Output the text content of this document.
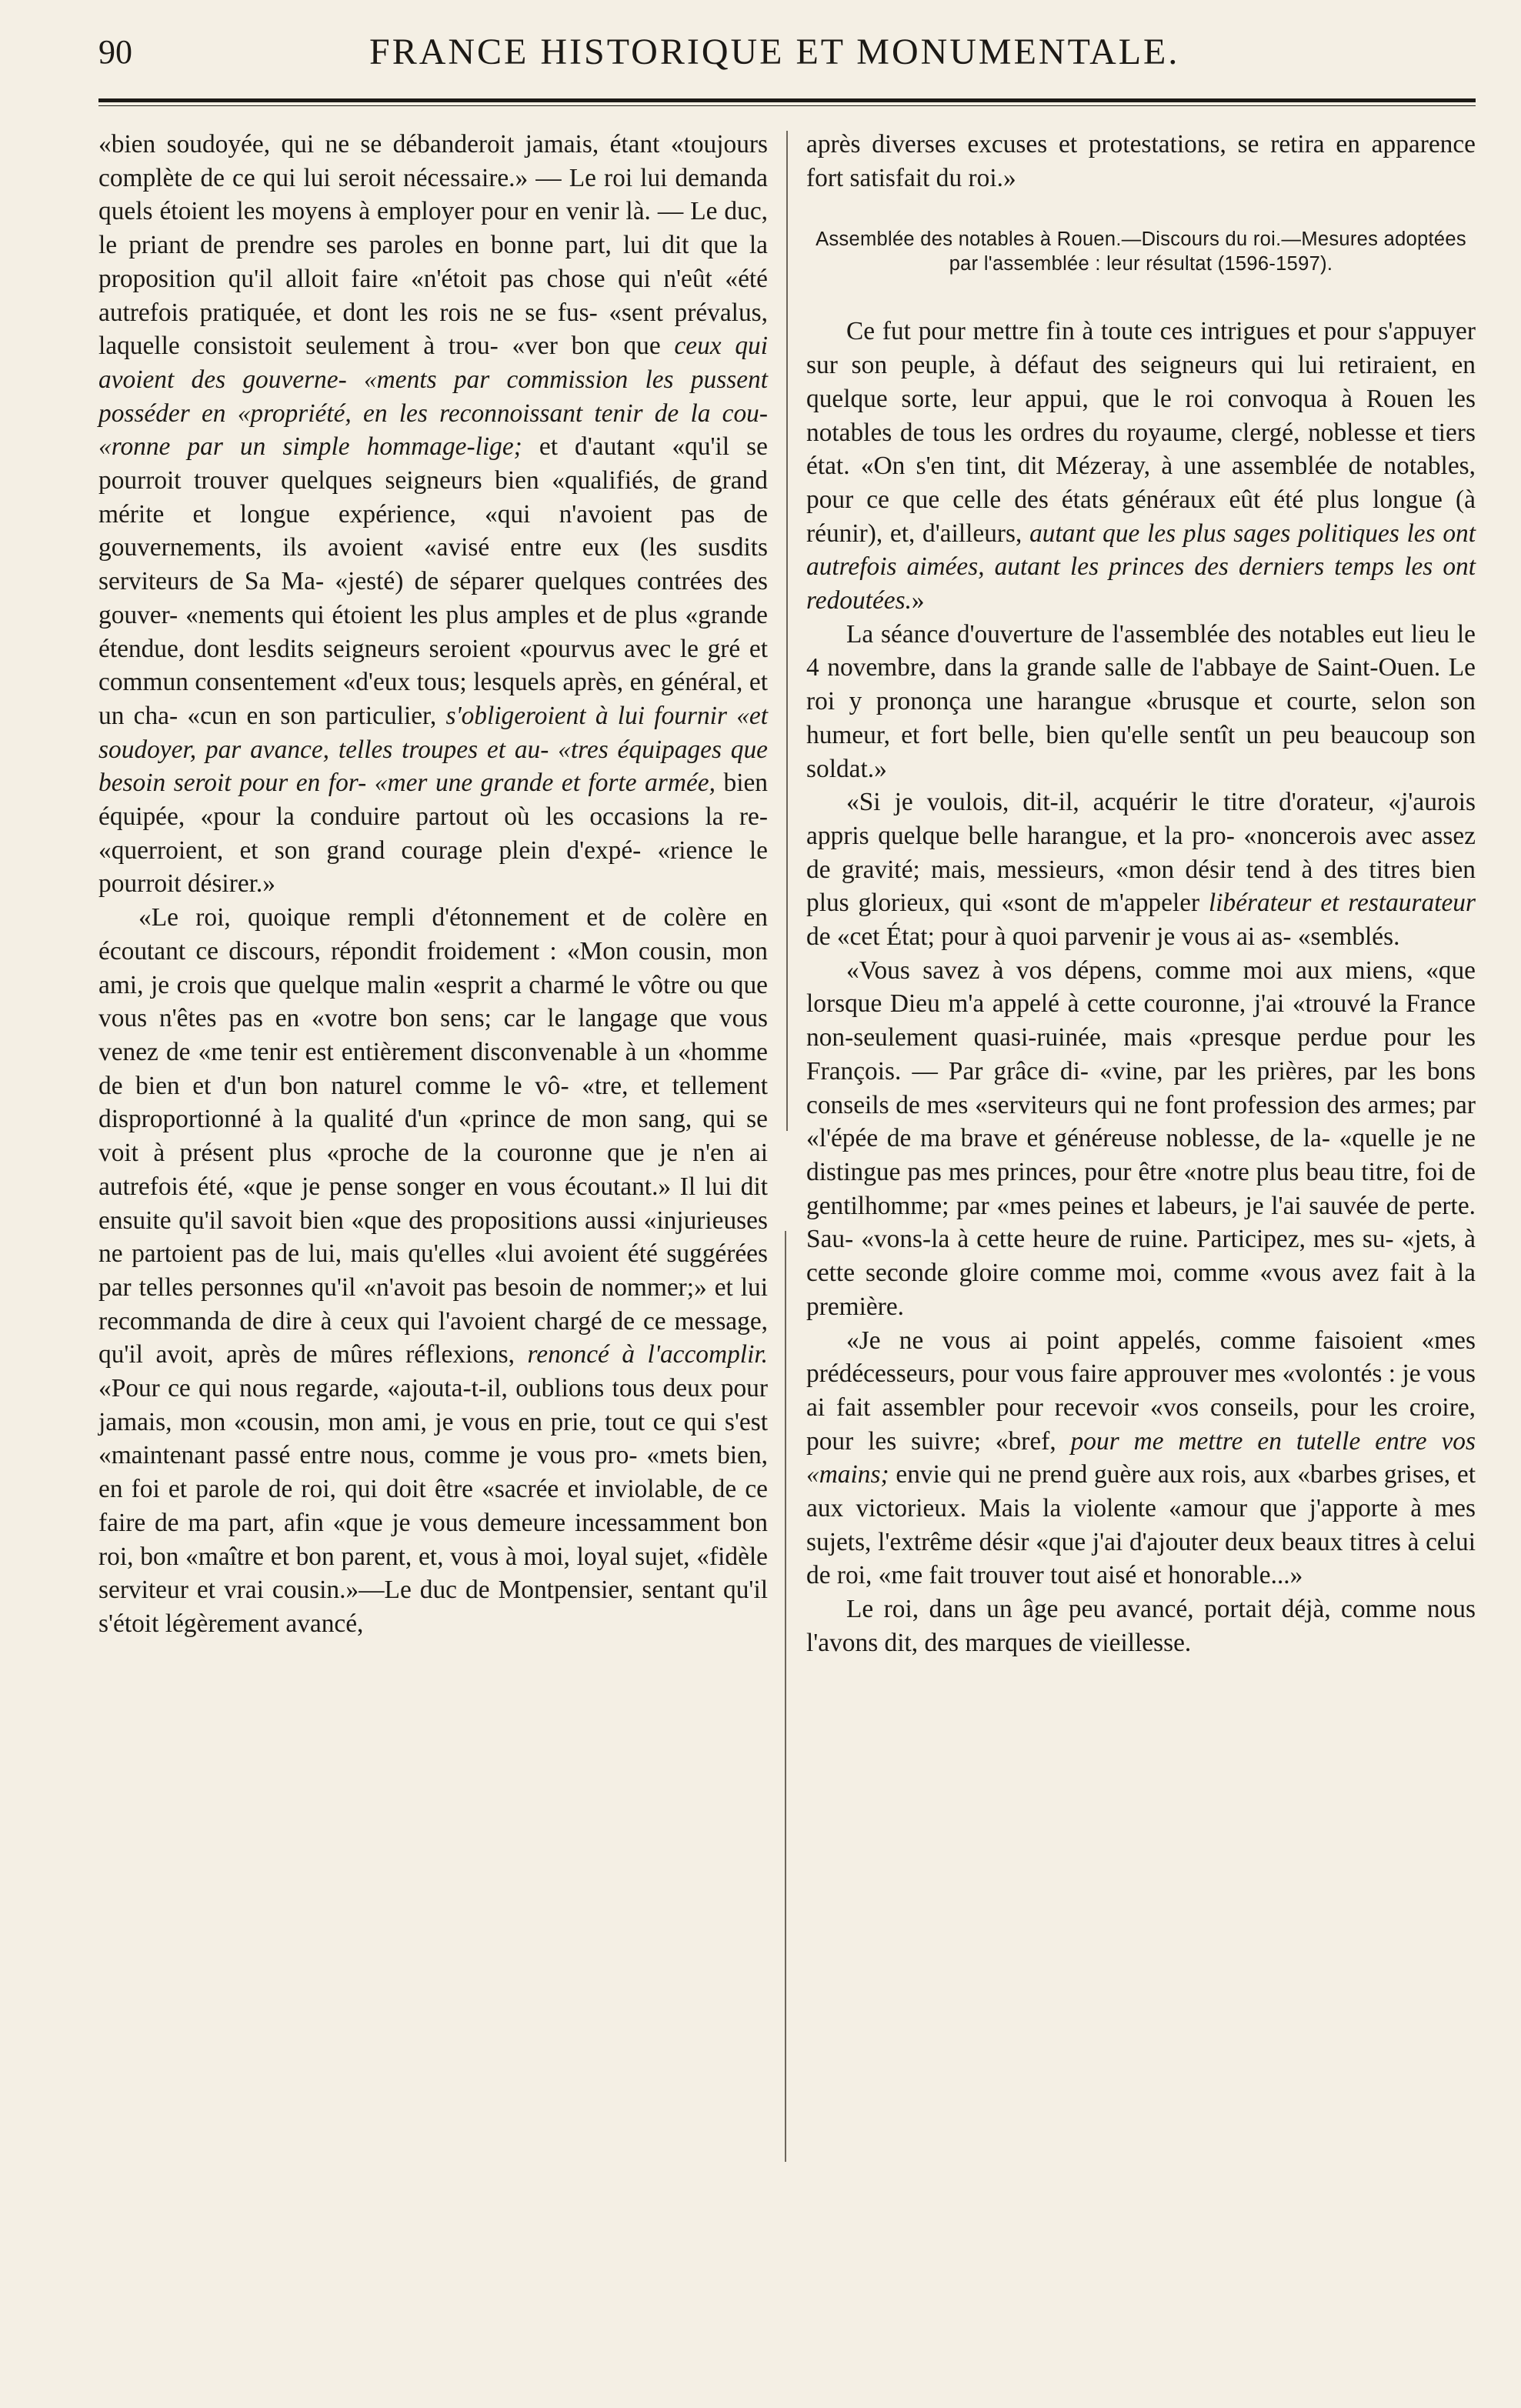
90	FRANCE HISTORIQUE ET MONUMENTALE.

«bien soudoyée, qui ne se débanderoit jamais, étant «toujours complète de ce qui lui seroit nécessaire.» — Le roi lui demanda quels étoient les moyens à employer pour en venir là. — Le duc, le priant de prendre ses paroles en bonne part, lui dit que la proposition qu'il alloit faire «n'étoit pas chose qui n'eût «été autrefois pratiquée, et dont les rois ne se fus- «sent prévalus, laquelle consistoit seulement à trou- «ver bon que ceux qui avoient des gouverne- «ments par commission les pussent posséder en «propriété, en les reconnoissant tenir de la cou- «ronne par un simple hommage-lige; et d'autant «qu'il se pourroit trouver quelques seigneurs bien «qualifiés, de grand mérite et longue expérience, «qui n'avoient pas de gouvernements, ils avoient «avisé entre eux (les susdits serviteurs de Sa Ma- «jesté) de séparer quelques contrées des gouver- «nements qui étoient les plus amples et de plus «grande étendue, dont lesdits seigneurs seroient «pourvus avec le gré et commun consentement «d'eux tous; lesquels après, en général, et un cha- «cun en son particulier, s'obligeroient à lui fournir «et soudoyer, par avance, telles troupes et au- «tres équipages que besoin seroit pour en for- «mer une grande et forte armée, bien équipée, «pour la conduire partout où les occasions la re- «querroient, et son grand courage plein d'expé- «rience le pourroit désirer.»

«Le roi, quoique rempli d'étonnement et de colère en écoutant ce discours, répondit froidement : «Mon cousin, mon ami, je crois que quelque malin «esprit a charmé le vôtre ou que vous n'êtes pas en «votre bon sens; car le langage que vous venez de «me tenir est entièrement disconvenable à un «homme de bien et d'un bon naturel comme le vô- «tre, et tellement disproportionné à la qualité d'un «prince de mon sang, qui se voit à présent plus «proche de la couronne que je n'en ai autrefois été, «que je pense songer en vous écoutant.» Il lui dit ensuite qu'il savoit bien «que des propositions aussi «injurieuses ne partoient pas de lui, mais qu'elles «lui avoient été suggérées par telles personnes qu'il «n'avoit pas besoin de nommer;» et lui recommanda de dire à ceux qui l'avoient chargé de ce message, qu'il avoit, après de mûres réflexions, renoncé à l'accomplir. «Pour ce qui nous regarde, «ajouta-t-il, oublions tous deux pour jamais, mon «cousin, mon ami, je vous en prie, tout ce qui s'est «maintenant passé entre nous, comme je vous pro- «mets bien, en foi et parole de roi, qui doit être «sacrée et inviolable, de ce faire de ma part, afin «que je vous demeure incessamment bon roi, bon «maître et bon parent, et, vous à moi, loyal sujet, «fidèle serviteur et vrai cousin.»—Le duc de Montpensier, sentant qu'il s'étoit légèrement avancé,

après diverses excuses et protestations, se retira en apparence fort satisfait du roi.»

Assemblée des notables à Rouen.—Discours du roi.—Mesures adoptées par l'assemblée : leur résultat (1596-1597).

Ce fut pour mettre fin à toute ces intrigues et pour s'appuyer sur son peuple, à défaut des seigneurs qui lui retiraient, en quelque sorte, leur appui, que le roi convoqua à Rouen les notables de tous les ordres du royaume, clergé, noblesse et tiers état. «On s'en tint, dit Mézeray, à une assemblée de notables, pour ce que celle des états généraux eût été plus longue (à réunir), et, d'ailleurs, autant que les plus sages politiques les ont autrefois aimées, autant les princes des derniers temps les ont redoutées.»

La séance d'ouverture de l'assemblée des notables eut lieu le 4 novembre, dans la grande salle de l'abbaye de Saint-Ouen. Le roi y prononça une harangue «brusque et courte, selon son humeur, et fort belle, bien qu'elle sentît un peu beaucoup son soldat.»

«Si je voulois, dit-il, acquérir le titre d'orateur, «j'aurois appris quelque belle harangue, et la pro- «noncerois avec assez de gravité; mais, messieurs, «mon désir tend à des titres bien plus glorieux, qui «sont de m'appeler libérateur et restaurateur de «cet État; pour à quoi parvenir je vous ai as- «semblés.

«Vous savez à vos dépens, comme moi aux miens, «que lorsque Dieu m'a appelé à cette couronne, j'ai «trouvé la France non-seulement quasi-ruinée, mais «presque perdue pour les François. — Par grâce di- «vine, par les prières, par les bons conseils de mes «serviteurs qui ne font profession des armes; par «l'épée de ma brave et généreuse noblesse, de la- «quelle je ne distingue pas mes princes, pour être «notre plus beau titre, foi de gentilhomme; par «mes peines et labeurs, je l'ai sauvée de perte. Sau- «vons-la à cette heure de ruine. Participez, mes su- «jets, à cette seconde gloire comme moi, comme «vous avez fait à la première.

«Je ne vous ai point appelés, comme faisoient «mes prédécesseurs, pour vous faire approuver mes «volontés : je vous ai fait assembler pour recevoir «vos conseils, pour les croire, pour les suivre; «bref, pour me mettre en tutelle entre vos «mains; envie qui ne prend guère aux rois, aux «barbes grises, et aux victorieux. Mais la violente «amour que j'apporte à mes sujets, l'extrême désir «que j'ai d'ajouter deux beaux titres à celui de roi, «me fait trouver tout aisé et honorable...»

Le roi, dans un âge peu avancé, portait déjà, comme nous l'avons dit, des marques de vieillesse.
